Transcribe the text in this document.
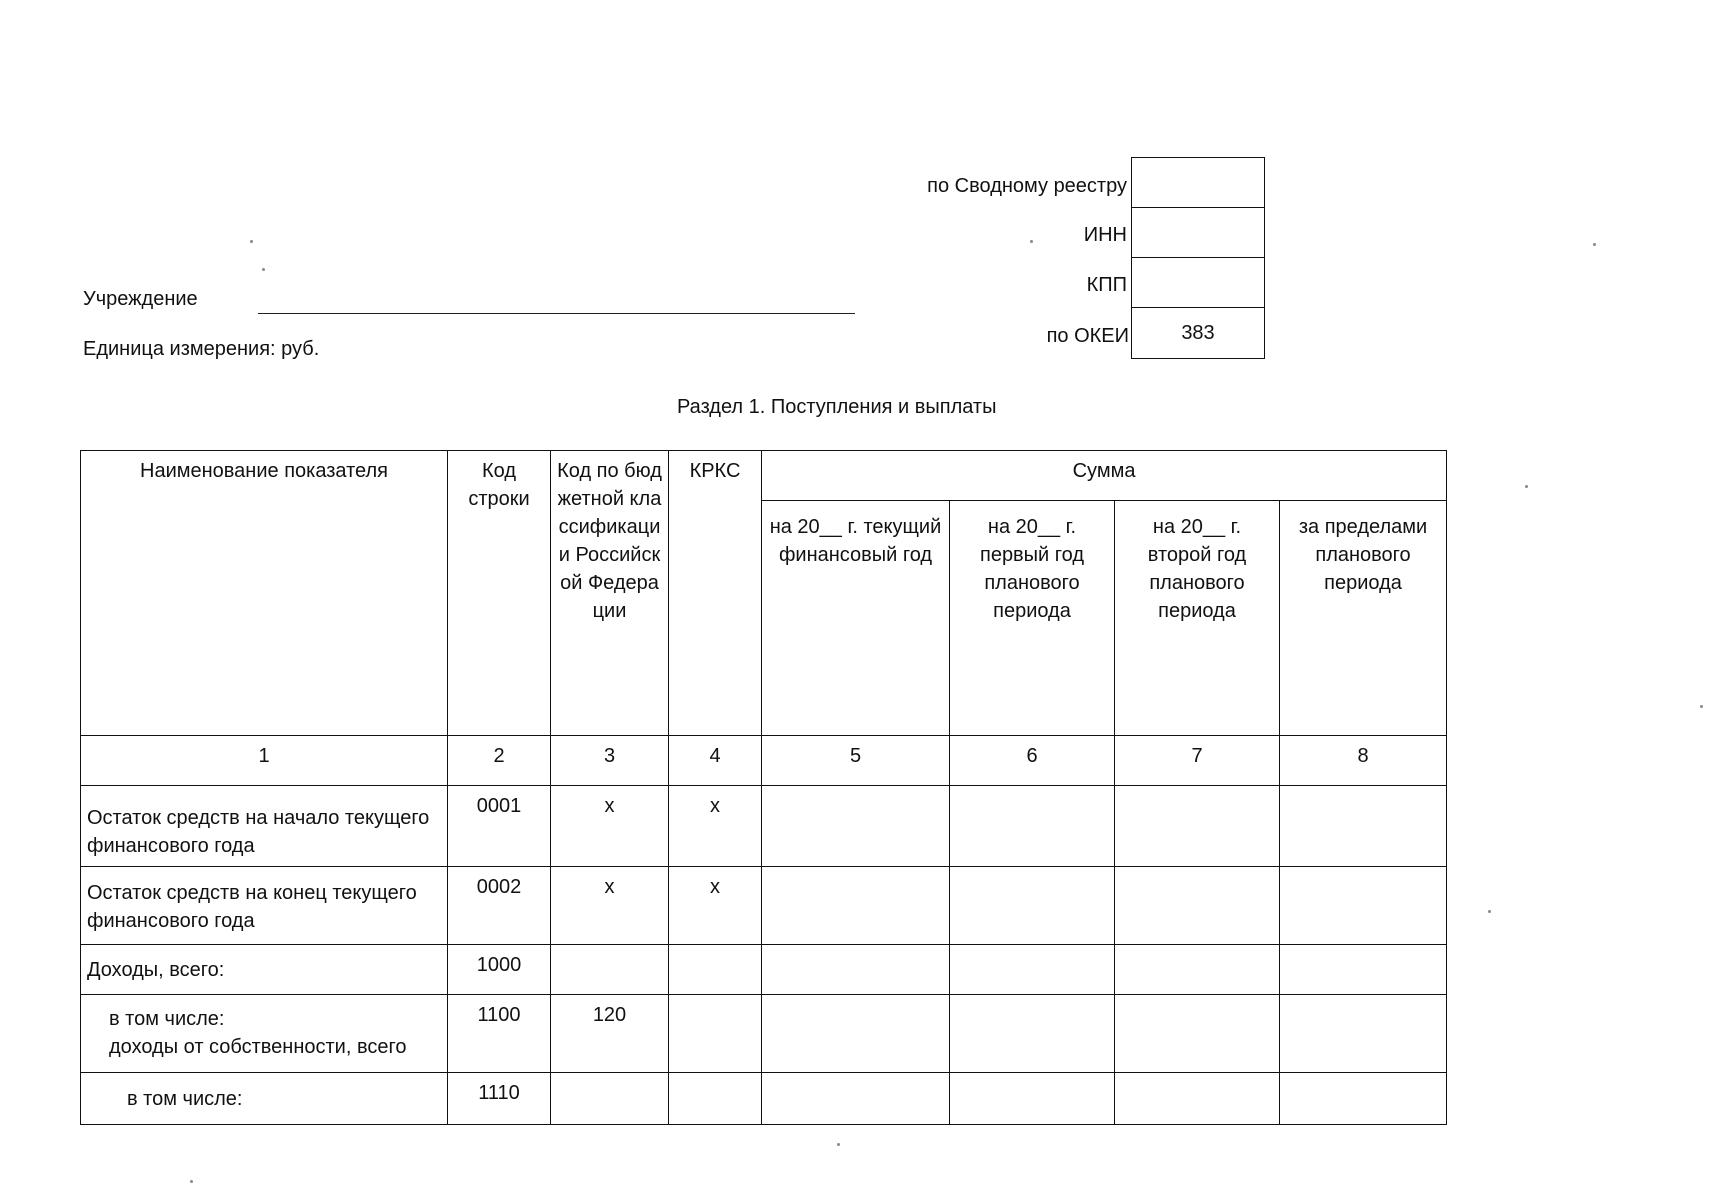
Учреждение
Единица измерения: руб.
по Сводному реестру
ИНН
КПП
по ОКЕИ	383
Раздел 1. Поступления и выплаты
Наименование показателя	Код строки	Код по бюджетной классификации Российской Федерации	КРКС	Сумма			
				на 20__ г. текущий финансовый год	на 20__ г. первый год планового периода	на 20__ г. второй год планового периода	за пределами планового периода
1	2	3	4	5	6	7	8
Остаток средств на начало текущего финансового года	0001	х	х				
Остаток средств на конец текущего финансового года	0002	х	х				
Доходы, всего:	1000						

в том числе:
доходы от собственности, всего	1100	120					
в том числе:	1110						
